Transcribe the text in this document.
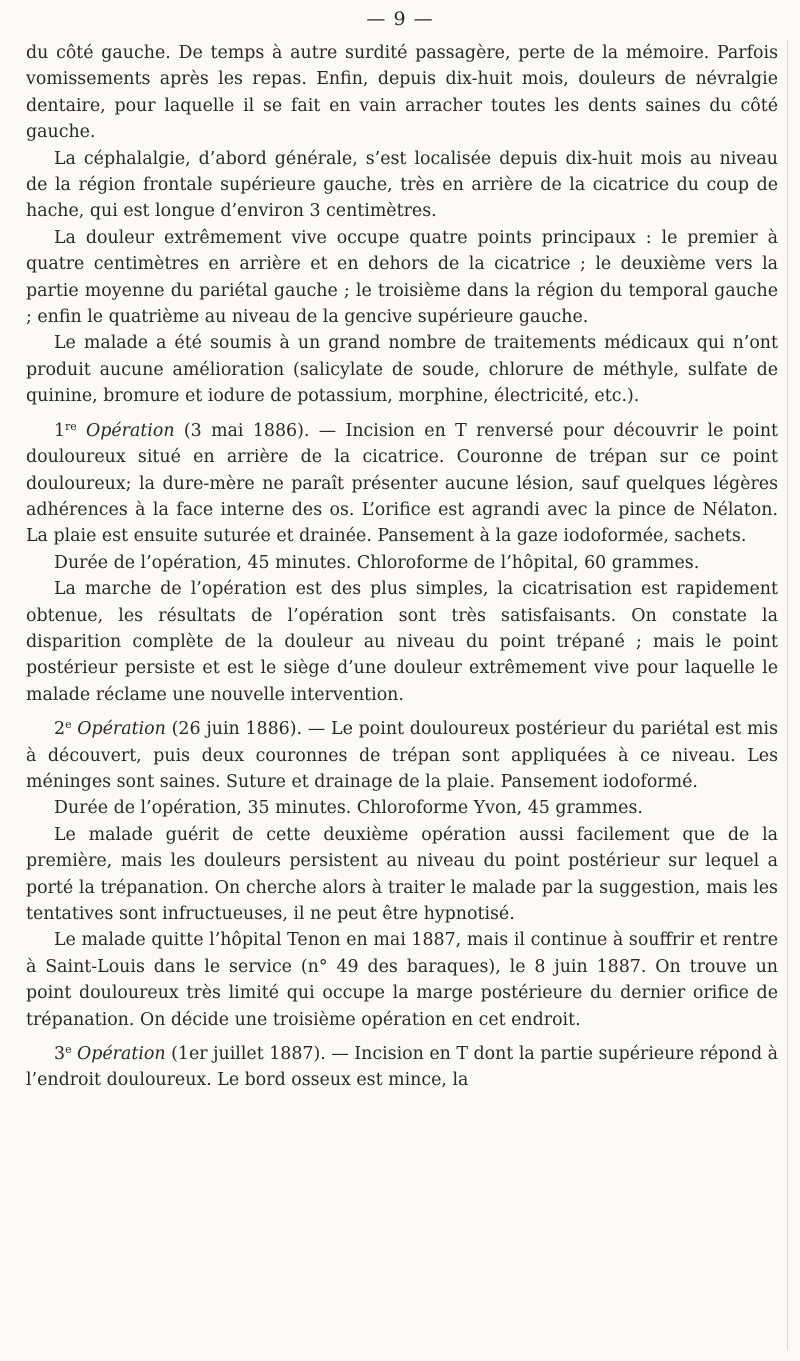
— 9 —

du côté gauche. De temps à autre surdité passagère, perte de la mémoire. Parfois vomissements après les repas. Enfin, depuis dix-huit mois, douleurs de névralgie dentaire, pour laquelle il se fait en vain arracher toutes les dents saines du côté gauche.

La céphalalgie, d’abord générale, s’est localisée depuis dix-huit mois au niveau de la région frontale supérieure gauche, très en arrière de la cicatrice du coup de hache, qui est longue d’environ 3 centimètres.

La douleur extrêmement vive occupe quatre points principaux : le premier à quatre centimètres en arrière et en dehors de la cicatrice ; le deuxième vers la partie moyenne du pariétal gauche ; le troisième dans la région du temporal gauche ; enfin le quatrième au niveau de la gencive supérieure gauche.

Le malade a été soumis à un grand nombre de traitements médicaux qui n’ont produit aucune amélioration (salicylate de soude, chlorure de méthyle, sulfate de quinine, bromure et iodure de potassium, morphine, électricité, etc.).

1re Opération (3 mai 1886). — Incision en T renversé pour découvrir le point douloureux situé en arrière de la cicatrice. Couronne de trépan sur ce point douloureux; la dure-mère ne paraît présenter aucune lésion, sauf quelques légères adhérences à la face interne des os. L’orifice est agrandi avec la pince de Nélaton. La plaie est ensuite suturée et drainée. Pansement à la gaze iodoformée, sachets.

Durée de l’opération, 45 minutes. Chloroforme de l’hôpital, 60 grammes.

La marche de l’opération est des plus simples, la cicatrisation est rapidement obtenue, les résultats de l’opération sont très satisfaisants. On constate la disparition complète de la douleur au niveau du point trépané ; mais le point postérieur persiste et est le siège d’une douleur extrêmement vive pour laquelle le malade réclame une nouvelle intervention.

2e Opération (26 juin 1886). — Le point douloureux postérieur du pariétal est mis à découvert, puis deux couronnes de trépan sont appliquées à ce niveau. Les méninges sont saines. Suture et drainage de la plaie. Pansement iodoformé.

Durée de l’opération, 35 minutes. Chloroforme Yvon, 45 grammes.

Le malade guérit de cette deuxième opération aussi facilement que de la première, mais les douleurs persistent au niveau du point postérieur sur lequel a porté la trépanation. On cherche alors à traiter le malade par la suggestion, mais les tentatives sont infructueuses, il ne peut être hypnotisé.

Le malade quitte l’hôpital Tenon en mai 1887, mais il continue à souffrir et rentre à Saint-Louis dans le service (n° 49 des baraques), le 8 juin 1887. On trouve un point douloureux très limité qui occupe la marge postérieure du dernier orifice de trépanation. On décide une troisième opération en cet endroit.

3e Opération (1er juillet 1887). — Incision en T dont la partie supérieure répond à l’endroit douloureux. Le bord osseux est mince, la
